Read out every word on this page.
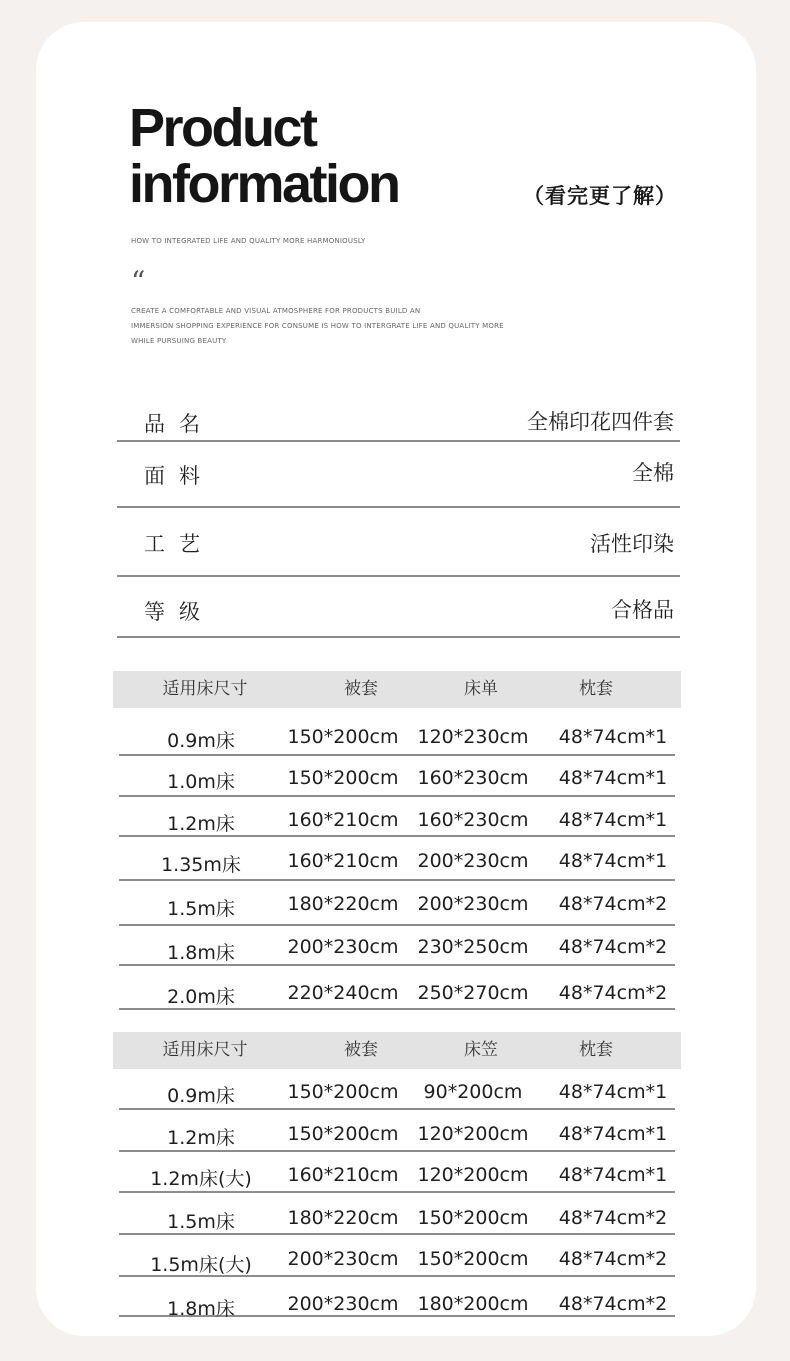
Product
information	（看完更了解）
HOW TO INTEGRATED LIFE AND QUALITY MORE HARMONIOUSLY
“
CREATE A COMFORTABLE AND VISUAL ATMOSPHERE FOR PRODUCTS BUILD AN
IMMERSION SHOPPING EXPERIENCE FOR CONSUME IS HOW TO INTERGRATE LIFE AND QUALITY MORE
WHILE PURSUING BEAUTY
品名	全棉印花四件套
面料	全棉
工艺	活性印染
等级	合格品
适用床尺寸	被套	床单	枕套
0.9m床	150*200cm	120*230cm	48*74cm*1
1.0m床	150*200cm	160*230cm	48*74cm*1
1.2m床	160*210cm	160*230cm	48*74cm*1
1.35m床	160*210cm	200*230cm	48*74cm*1
1.5m床	180*220cm	200*230cm	48*74cm*2
1.8m床	200*230cm	230*250cm	48*74cm*2
2.0m床	220*240cm	250*270cm	48*74cm*2
适用床尺寸	被套	床笠	枕套
0.9m床	150*200cm	90*200cm	48*74cm*1
1.2m床	150*200cm	120*200cm	48*74cm*1
1.2m床(大)	160*210cm	120*200cm	48*74cm*1
1.5m床	180*220cm	150*200cm	48*74cm*2
1.5m床(大)	200*230cm	150*200cm	48*74cm*2
1.8m床	200*230cm	180*200cm	48*74cm*2
